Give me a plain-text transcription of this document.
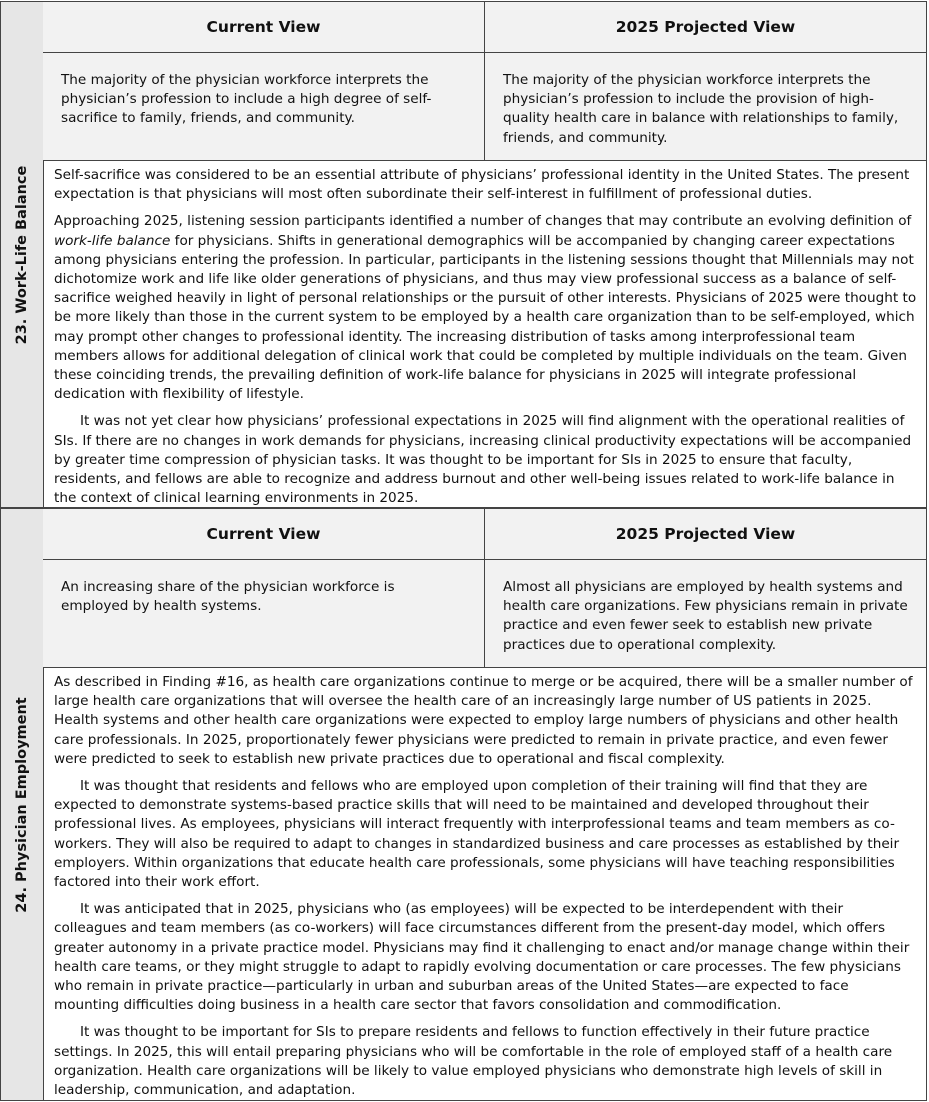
23. Work-Life Balance
Current View	2025 Projected View
The majority of the physician workforce interprets the physician’s profession to include a high degree of self-sacrifice to family, friends, and community.
The majority of the physician workforce interprets the physician’s profession to include the provision of high-quality health care in balance with relationships to family, friends, and community.

Self-sacrifice was considered to be an essential attribute of physicians’ professional identity in the United States. The present expectation is that physicians will most often subordinate their self-interest in fulfillment of professional duties.

Approaching 2025, listening session participants identified a number of changes that may contribute an evolving definition of work-life balance for physicians. Shifts in generational demographics will be accompanied by changing career expectations among physicians entering the profession. In particular, participants in the listening sessions thought that Millennials may not dichotomize work and life like older generations of physicians, and thus may view professional success as a balance of self-sacrifice weighed heavily in light of personal relationships or the pursuit of other interests. Physicians of 2025 were thought to be more likely than those in the current system to be employed by a health care organization than to be self-employed, which may prompt other changes to professional identity. The increasing distribution of tasks among interprofessional team members allows for additional delegation of clinical work that could be completed by multiple individuals on the team. Given these coinciding trends, the prevailing definition of work-life balance for physicians in 2025 will integrate professional dedication with flexibility of lifestyle.

It was not yet clear how physicians’ professional expectations in 2025 will find alignment with the operational realities of SIs. If there are no changes in work demands for physicians, increasing clinical productivity expectations will be accompanied by greater time compression of physician tasks. It was thought to be important for SIs in 2025 to ensure that faculty, residents, and fellows are able to recognize and address burnout and other well-being issues related to work-life balance in the context of clinical learning environments in 2025.

24. Physician Employment
Current View	2025 Projected View
An increasing share of the physician workforce is employed by health systems.
Almost all physicians are employed by health systems and health care organizations. Few physicians remain in private practice and even fewer seek to establish new private practices due to operational complexity.

As described in Finding #16, as health care organizations continue to merge or be acquired, there will be a smaller number of large health care organizations that will oversee the health care of an increasingly large number of US patients in 2025. Health systems and other health care organizations were expected to employ large numbers of physicians and other health care professionals. In 2025, proportionately fewer physicians were predicted to remain in private practice, and even fewer were predicted to seek to establish new private practices due to operational and fiscal complexity.

It was thought that residents and fellows who are employed upon completion of their training will find that they are expected to demonstrate systems-based practice skills that will need to be maintained and developed throughout their professional lives. As employees, physicians will interact frequently with interprofessional teams and team members as co-workers. They will also be required to adapt to changes in standardized business and care processes as established by their employers. Within organizations that educate health care professionals, some physicians will have teaching responsibilities factored into their work effort.

It was anticipated that in 2025, physicians who (as employees) will be expected to be interdependent with their colleagues and team members (as co-workers) will face circumstances different from the present-day model, which offers greater autonomy in a private practice model. Physicians may find it challenging to enact and/or manage change within their health care teams, or they might struggle to adapt to rapidly evolving documentation or care processes. The few physicians who remain in private practice—particularly in urban and suburban areas of the United States—are expected to face mounting difficulties doing business in a health care sector that favors consolidation and commodification.

It was thought to be important for SIs to prepare residents and fellows to function effectively in their future practice settings. In 2025, this will entail preparing physicians who will be comfortable in the role of employed staff of a health care organization. Health care organizations will be likely to value employed physicians who demonstrate high levels of skill in leadership, communication, and adaptation.
